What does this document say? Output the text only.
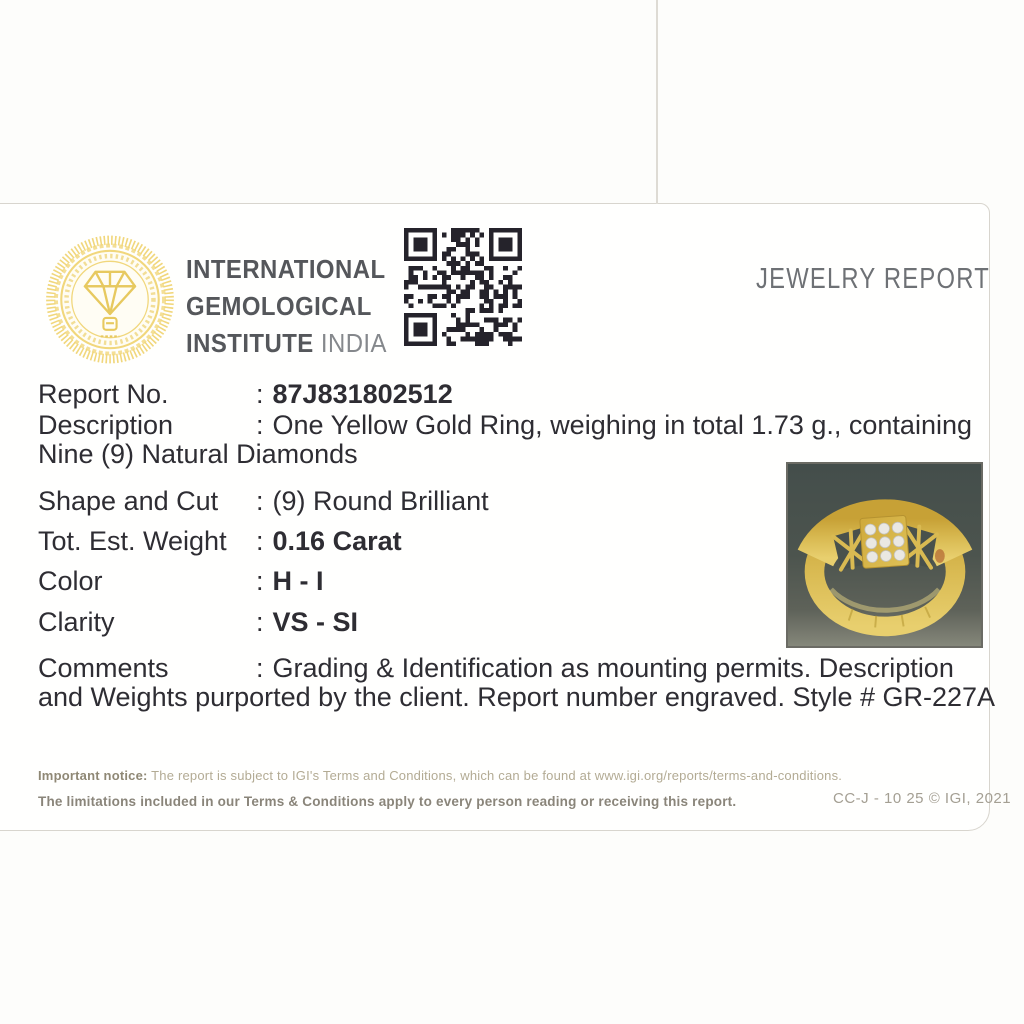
INTERNATIONAL
GEMOLOGICAL
INSTITUTE INDIA
JEWELRY REPORT
Report No.	: 87J831802512
Description	: One Yellow Gold Ring, weighing in total 1.73 g., containing
Nine (9) Natural Diamonds
Shape and Cut : (9) Round Brilliant
Tot. Est. Weight : 0.16 Carat
Color	: H - I
Clarity	: VS - SI
Comments	: Grading & Identification as mounting permits. Description
and Weights purported by the client. Report number engraved. Style # GR-227A
Important notice: The report is subject to IGI's Terms and Conditions, which can be found at www.igi.org/reports/terms-and-conditions.
The limitations included in our Terms & Conditions apply to every person reading or receiving this report.	CC-J - 10 25 © IGI, 2021
